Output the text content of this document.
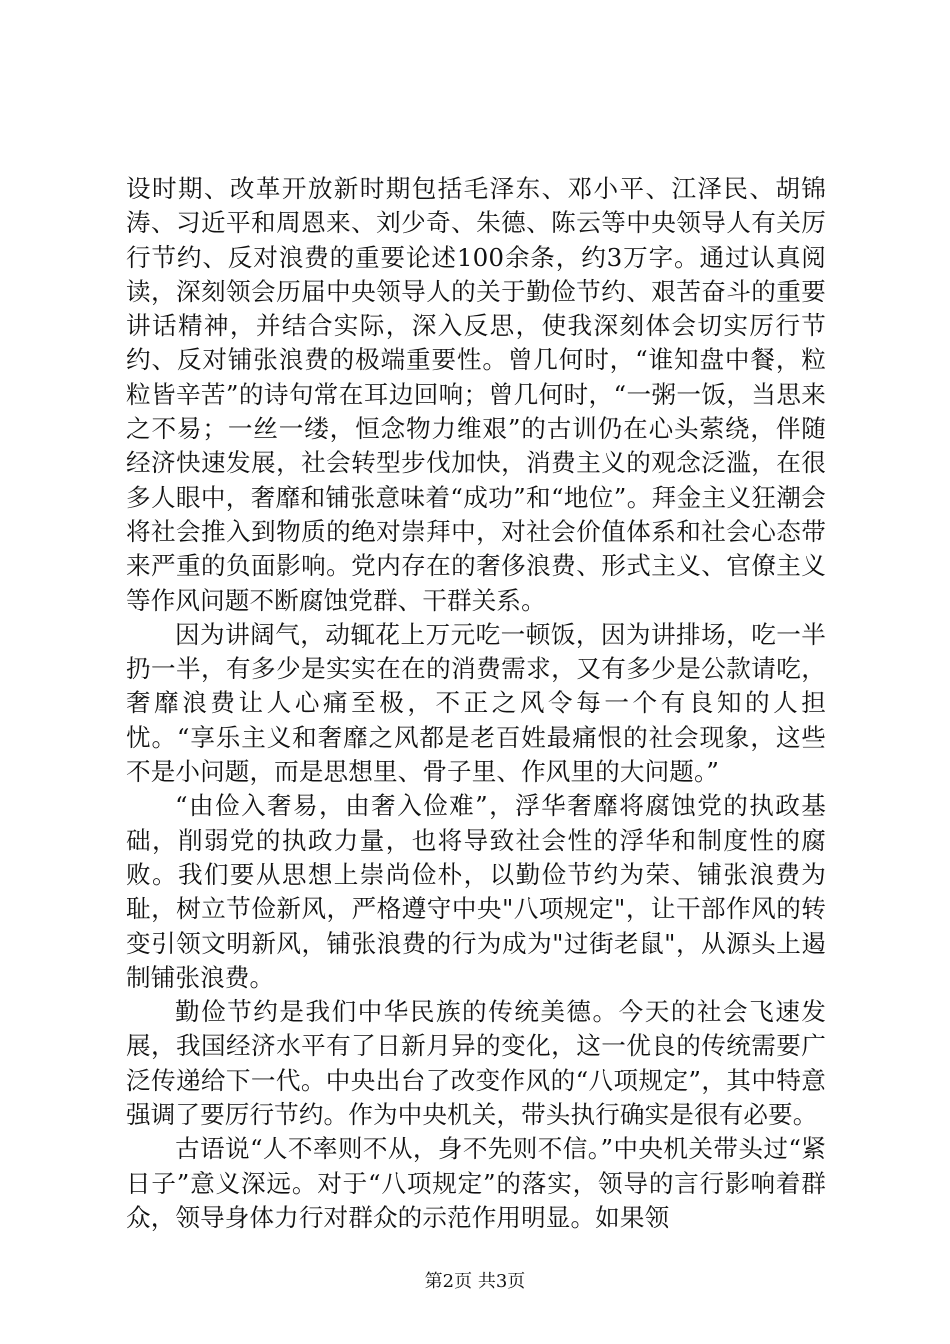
设时期、改革开放新时期包括毛泽东、邓小平、江泽民、胡锦涛、习近平和周恩来、刘少奇、朱德、陈云等中央领导人有关厉行节约、反对浪费的重要论述100余条，约3万字。通过认真阅读，深刻领会历届中央领导人的关于勤俭节约、艰苦奋斗的重要讲话精神，并结合实际，深入反思，使我深刻体会切实厉行节约、反对铺张浪费的极端重要性。曾几何时，“谁知盘中餐，粒粒皆辛苦”的诗句常在耳边回响；曾几何时，“一粥一饭，当思来之不易；一丝一缕，恒念物力维艰”的古训仍在心头萦绕，伴随经济快速发展，社会转型步伐加快，消费主义的观念泛滥，在很多人眼中，奢靡和铺张意味着“成功”和“地位”。拜金主义狂潮会将社会推入到物质的绝对崇拜中，对社会价值体系和社会心态带来严重的负面影响。党内存在的奢侈浪费、形式主义、官僚主义等作风问题不断腐蚀党群、干群关系。

因为讲阔气，动辄花上万元吃一顿饭，因为讲排场，吃一半扔一半，有多少是实实在在的消费需求，又有多少是公款请吃，奢靡浪费让人心痛至极，不正之风令每一个有良知的人担忧。“享乐主义和奢靡之风都是老百姓最痛恨的社会现象，这些不是小问题，而是思想里、骨子里、作风里的大问题。”

“由俭入奢易，由奢入俭难”，浮华奢靡将腐蚀党的执政基础，削弱党的执政力量，也将导致社会性的浮华和制度性的腐败。我们要从思想上崇尚俭朴，以勤俭节约为荣、铺张浪费为耻，树立节俭新风，严格遵守中央"八项规定"，让干部作风的转变引领文明新风，铺张浪费的行为成为"过街老鼠"，从源头上遏制铺张浪费。

勤俭节约是我们中华民族的传统美德。今天的社会飞速发展，我国经济水平有了日新月异的变化，这一优良的传统需要广泛传递给下一代。中央出台了改变作风的“八项规定”，其中特意强调了要厉行节约。作为中央机关，带头执行确实是很有必要。

古语说“人不率则不从，身不先则不信。”中央机关带头过“紧日子”意义深远。对于“八项规定”的落实，领导的言行影响着群众，领导身体力行对群众的示范作用明显。如果领

第2页 共3页
